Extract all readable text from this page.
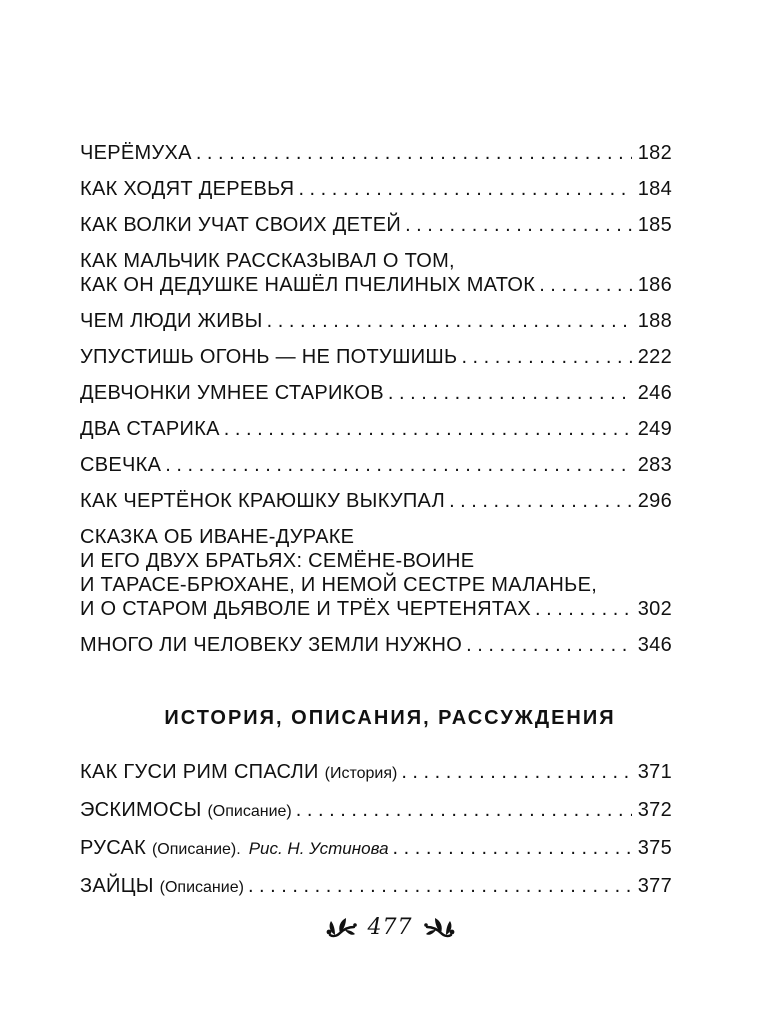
ЧЕРЁМУХА . . .	182
КАК ХОДЯТ ДЕРЕВЬЯ . . .	184
КАК ВОЛКИ УЧАТ СВОИХ ДЕТЕЙ . . .	185
КАК МАЛЬЧИК РАССКАЗЫВАЛ О ТОМ,
КАК ОН ДЕДУШКЕ НАШЁЛ ПЧЕЛИНЫХ МАТОК . . .	186
ЧЕМ ЛЮДИ ЖИВЫ . . .	188
УПУСТИШЬ ОГОНЬ — НЕ ПОТУШИШЬ . . .	222
ДЕВЧОНКИ УМНЕЕ СТАРИКОВ . . .	246
ДВА СТАРИКА . . .	249
СВЕЧКА . . .	283
КАК ЧЕРТЁНОК КРАЮШКУ ВЫКУПАЛ . . .	296
СКАЗКА ОБ ИВАНЕ-ДУРАКЕ
И ЕГО ДВУХ БРАТЬЯХ: СЕМЁНЕ-ВОИНЕ
И ТАРАСЕ-БРЮХАНЕ, И НЕМОЙ СЕСТРЕ МАЛАНЬЕ,
И О СТАРОМ ДЬЯВОЛЕ И ТРЁХ ЧЕРТЕНЯТАХ . . .	302
МНОГО ЛИ ЧЕЛОВЕКУ ЗЕМЛИ НУЖНО . . .	346
ИСТОРИЯ, ОПИСАНИЯ, РАССУЖДЕНИЯ
КАК ГУСИ РИМ СПАСЛИ (История) . . .	371
ЭСКИМОСЫ (Описание) . . .	372
РУСАК (Описание). Рис. Н. Устинова . . .	375
ЗАЙЦЫ (Описание) . . .	377
477
